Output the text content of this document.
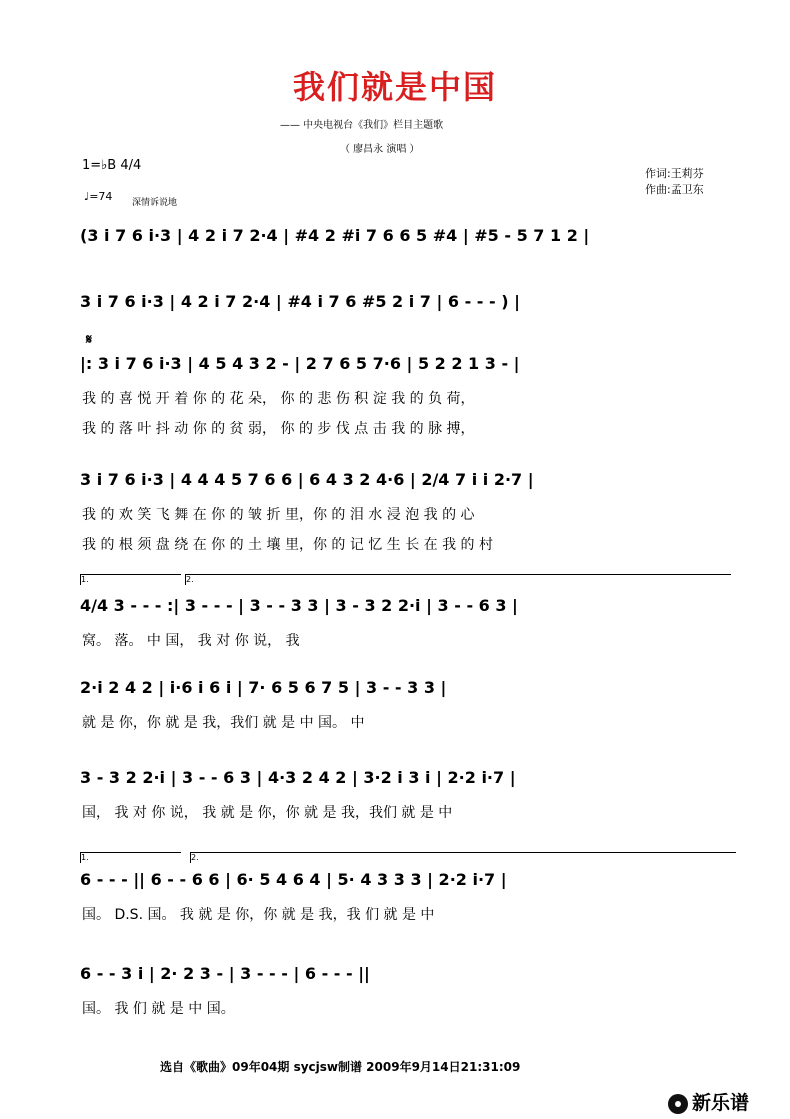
我们就是中国
—— 中央电视台《我们》栏目主题歌
（ 廖昌永 演唱 ）
1=♭B 4/4
♩=74 深情诉说地
作词:王莉芬
作曲:孟卫东
(3 i 7 6 i·3 | 4 2 i 7 2·4 | #4 2 #i 7 6 6 5 #4 | #5 - 5 7 1 2 |
3 i 7 6 i·3 | 4 2 i 7 2·4 | #4 i 7 6 #5 2 i 7 | 6 - - - ) |
|: 3 i 7 6 i·3 | 4 5 4 3 2 - | 2 7 6 5 7·6 | 5 2 2 1 3 - |
我 的 喜 悦 开 着 你 的 花 朵， 你 的 悲 伤 积 淀 我 的 负 荷，
我 的 落 叶 抖 动 你 的 贫 弱， 你 的 步 伐 点 击 我 的 脉 搏，
3 i 7 6 i·3 | 4 4 4 5 7 6 6 | 6 4 3 2 4·6 | 2/4 7 i i 2·7 |
我 的 欢 笑 飞 舞 在 你 的 皱 折 里，你 的 泪 水 浸 泡 我 的 心
我 的 根 须 盘 绕 在 你 的 土 壤 里，你 的 记 忆 生 长 在 我 的 村
4/4 3 - - - :| 3 - - - | 3 - - 3 3 | 3 - 3 2 2·i | 3 - - 6 3 |
窝。 落。 中 国， 我 对 你 说， 我
2·i 2 4 2 | i·6 i 6 i | 7· 6 5 6 7 5 | 3 - - 3 3 |
就 是 你，你 就 是 我，我们 就 是 中 国。 中
3 - 3 2 2·i | 3 - - 6 3 | 4·3 2 4 2 | 3·2 i 3 i | 2·2 i·7 |
国， 我 对 你 说， 我 就 是 你，你 就 是 我，我们 就 是 中
6 - - - || 6 - - 6 6 | 6· 5 4 6 4 | 5· 4 3 3 3 | 2·2 i·7 |
国。 D.S. 国。 我 就 是 你，你 就 是 我，我 们 就 是 中
6 - - 3 i | 2· 2 3 - | 3 - - - | 6 - - - ||
国。 我 们 就 是 中 国。
1.	2.
1.	2.
𝄋
选自《歌曲》09年04期 sycjsw制谱 2009年9月14日21:31:09
新乐谱
